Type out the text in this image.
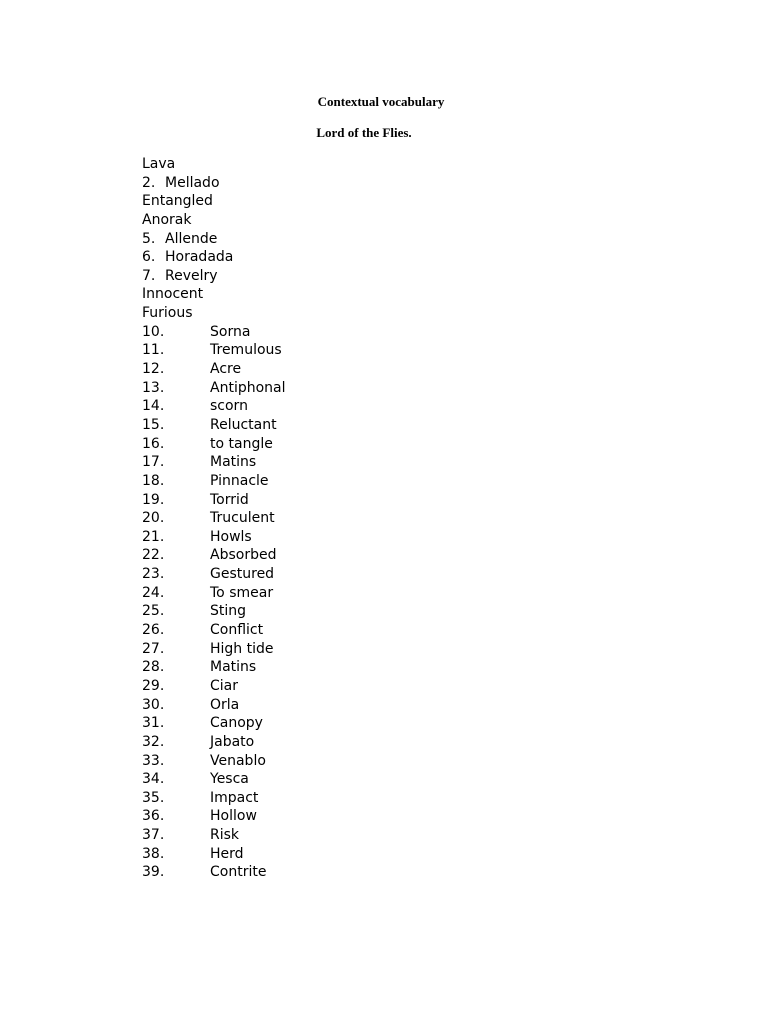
Contextual vocabulary
Lord of the Flies.
Lava
2. Mellado
Entangled
Anorak
5. Allende
6. Horadada
7. Revelry
Innocent
Furious
10.	Sorna
11.	Tremulous
12.	Acre
13.	Antiphonal
14.	scorn
15.	Reluctant
16.	to tangle
17.	Matins
18.	Pinnacle
19.	Torrid
20.	Truculent
21.	Howls
22.	Absorbed
23.	Gestured
24.	To smear
25.	Sting
26.	Conflict
27.	High tide
28.	Matins
29.	Ciar
30.	Orla
31.	Canopy
32.	Jabato
33.	Venablo
34.	Yesca
35.	Impact
36.	Hollow
37.	Risk
38.	Herd
39.	Contrite
